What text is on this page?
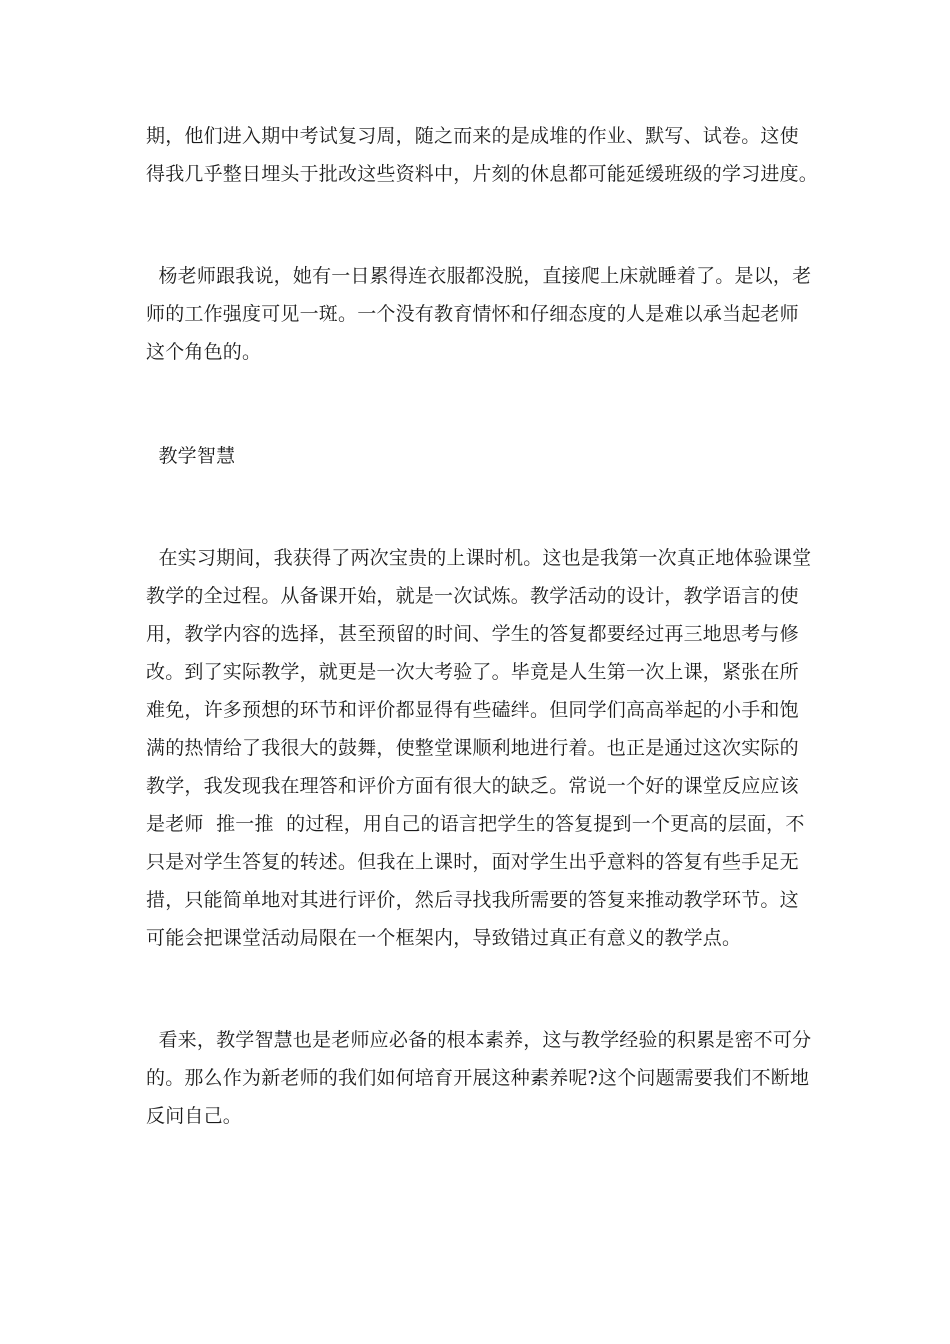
期，他们进入期中考试复习周，随之而来的是成堆的作业、默写、试卷。这使
得我几乎整日埋头于批改这些资料中，片刻的休息都可能延缓班级的学习进度。
杨老师跟我说，她有一日累得连衣服都没脱，直接爬上床就睡着了。是以，老
师的工作强度可见一斑。一个没有教育情怀和仔细态度的人是难以承当起老师
这个角色的。
教学智慧
在实习期间，我获得了两次宝贵的上课时机。这也是我第一次真正地体验课堂
教学的全过程。从备课开始，就是一次试炼。教学活动的设计，教学语言的使
用，教学内容的选择，甚至预留的时间、学生的答复都要经过再三地思考与修
改。到了实际教学，就更是一次大考验了。毕竟是人生第一次上课，紧张在所
难免，许多预想的环节和评价都显得有些磕绊。但同学们高高举起的小手和饱
满的热情给了我很大的鼓舞，使整堂课顺利地进行着。也正是通过这次实际的
教学，我发现我在理答和评价方面有很大的缺乏。常说一个好的课堂反应应该
是老师  推一推  的过程，用自己的语言把学生的答复提到一个更高的层面，不
只是对学生答复的转述。但我在上课时，面对学生出乎意料的答复有些手足无
措，只能简单地对其进行评价，然后寻找我所需要的答复来推动教学环节。这
可能会把课堂活动局限在一个框架内，导致错过真正有意义的教学点。
看来，教学智慧也是老师应必备的根本素养，这与教学经验的积累是密不可分
的。那么作为新老师的我们如何培育开展这种素养呢?这个问题需要我们不断地
反问自己。
